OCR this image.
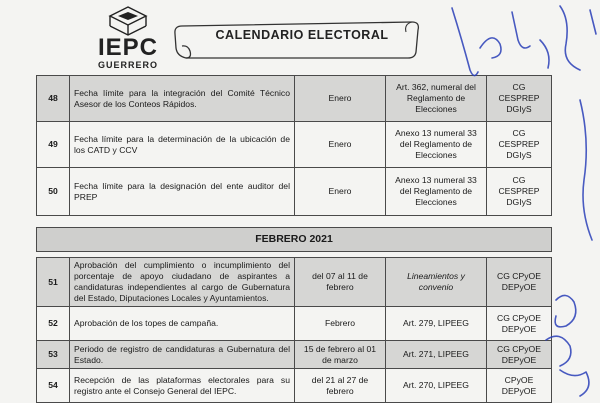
IEPC
GUERRERO
CALENDARIO ELECTORAL
48	Fecha límite para la integración del Comité Técnico Asesor de los Conteos Rápidos.	Enero	Art. 362, numeral del Reglamento de Elecciones	CG CESPREP DGIyS
49	Fecha límite para la determinación de la ubicación de los CATD y CCV	Enero	Anexo 13 numeral 33 del Reglamento de Elecciones	CG CESPREP DGIyS
50	Fecha límite para la designación del ente auditor del PREP	Enero	Anexo 13 numeral 33 del Reglamento de Elecciones	CG CESPREP DGIyS

FEBRERO 2021				

51	Aprobación del cumplimiento o incumplimiento del porcentaje de apoyo ciudadano de aspirantes a candidaturas independientes al cargo de Gubernatura del Estado, Diputaciones Locales y Ayuntamientos.	del 07 al 11 de febrero	Lineamientos y convenio	CG CPyOE DEPyOE
52	Aprobación de los topes de campaña.	Febrero	Art. 279, LIPEEG	CG CPyOE DEPyOE
53	Periodo de registro de candidaturas a Gubernatura del Estado.	15 de febrero al 01 de marzo	Art. 271, LIPEEG	CG CPyOE DEPyOE
54	Recepción de las plataformas electorales para su registro ante el Consejo General del IEPC.	del 21 al 27 de febrero	Art. 270, LIPEEG	CPyOE DEPyOE
